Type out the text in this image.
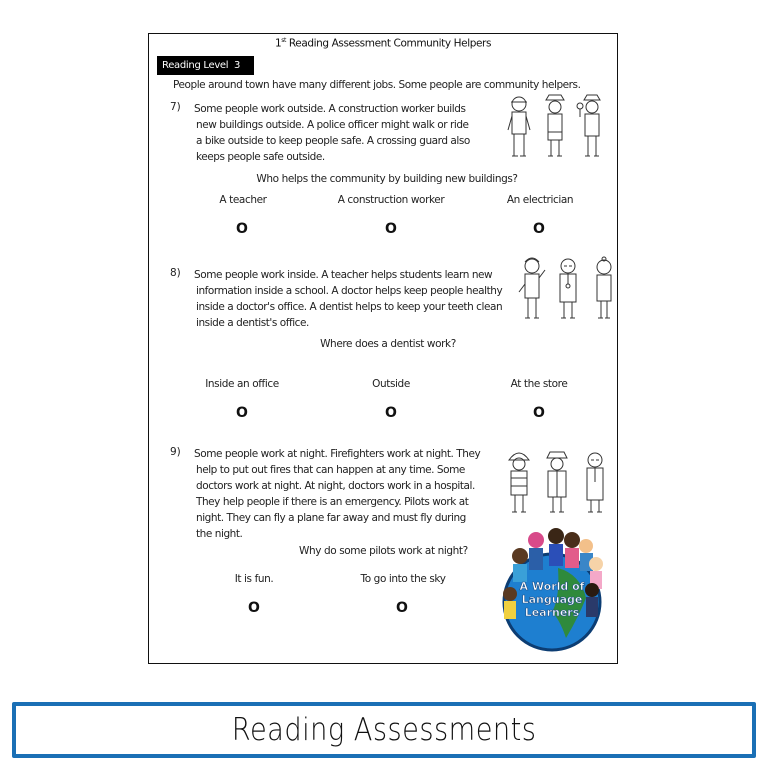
1st Reading Assessment Community Helpers
Reading Level  3
People around town have many different jobs. Some people are community helpers.
7) Some people work outside. A construction worker builds
new buildings outside. A police officer might walk or ride
a bike outside to keep people safe. A crossing guard also
keeps people safe outside.
Who helps the community by building new buildings?
A teacher	A construction worker	An electrician
O	O	O
8) Some people work inside. A teacher helps students learn new
information inside a school. A doctor helps keep people healthy
inside a doctor's office. A dentist helps to keep your teeth clean
inside a dentist's office.
Where does a dentist work?
Inside an office	Outside	At the store
O	O	O
9) Some people work at night. Firefighters work at night. They
help to put out fires that can happen at any time. Some
doctors work at night. At night, doctors work in a hospital.
They help people if there is an emergency. Pilots work at
night. They can fly a plane far away and must fly during
the night.
Why do some pilots work at night?
It is fun.	To go into the sky
O	O
A World of
Language
Learners
Reading Assessments
